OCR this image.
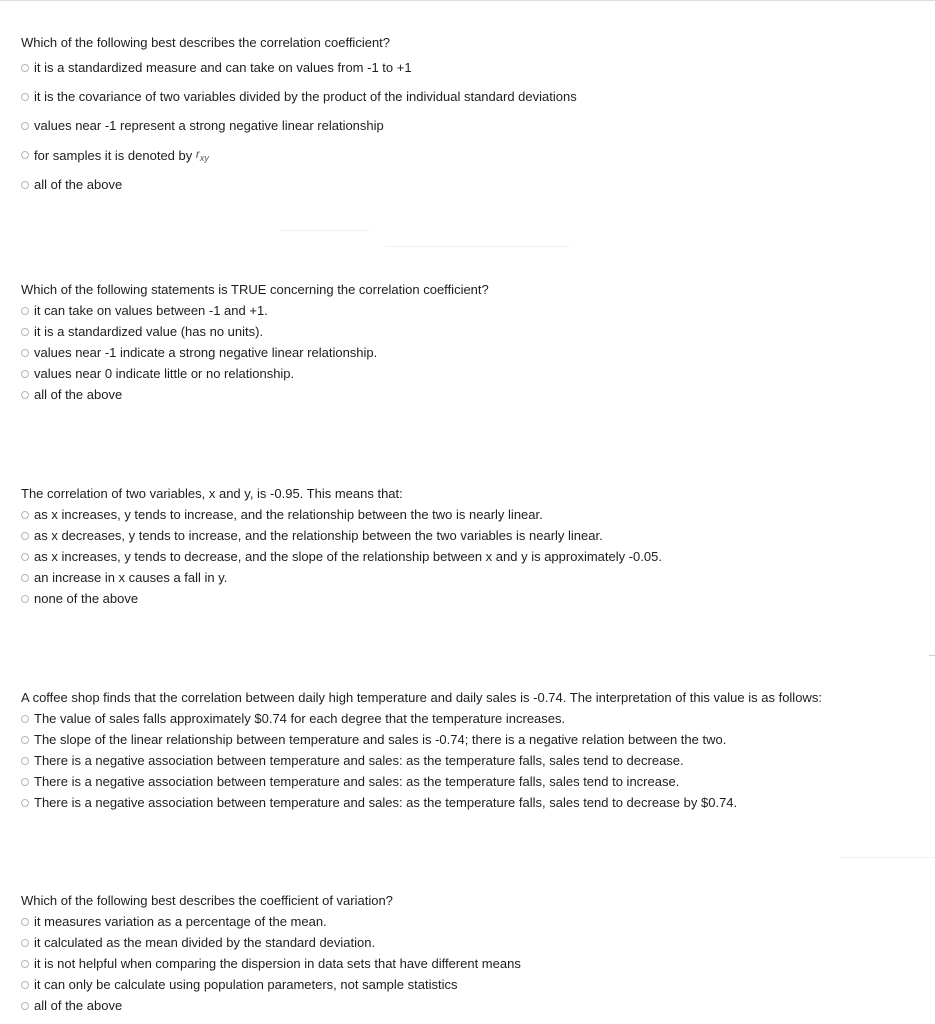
Which of the following best describes the correlation coefficient?
it is a standardized measure and can take on values from -1 to +1
it is the covariance of two variables divided by the product of the individual standard deviations
values near -1 represent a strong negative linear relationship
for samples it is denoted by
$r_{xy}$
all of the above
Which of the following statements is TRUE concerning the correlation coefficient?
it can take on values between -1 and +1.
it is a standardized value (has no units).
values near -1 indicate a strong negative linear relationship.
values near 0 indicate little or no relationship.
all of the above
The correlation of two variables, x and y, is -0.95. This means that:
as x increases, y tends to increase, and the relationship between the two is nearly linear.
as x decreases, y tends to increase, and the relationship between the two variables is nearly linear.
as x increases, y tends to decrease, and the slope of the relationship between x and y is approximately -0.05.
an increase in x causes a fall in y.
none of the above
A coffee shop finds that the correlation between daily high temperature and daily sales is -0.74. The interpretation of this value is as follows:
The value of sales falls approximately $0.74 for each degree that the temperature increases.
The slope of the linear relationship between temperature and sales is -0.74; there is a negative relation between the two.
There is a negative association between temperature and sales: as the temperature falls, sales tend to decrease.
There is a negative association between temperature and sales: as the temperature falls, sales tend to increase.
There is a negative association between temperature and sales: as the temperature falls, sales tend to decrease by $0.74.
Which of the following best describes the coefficient of variation?
it measures variation as a percentage of the mean.
it calculated as the mean divided by the standard deviation.
it is not helpful when comparing the dispersion in data sets that have different means
it can only be calculate using population parameters, not sample statistics
all of the above
